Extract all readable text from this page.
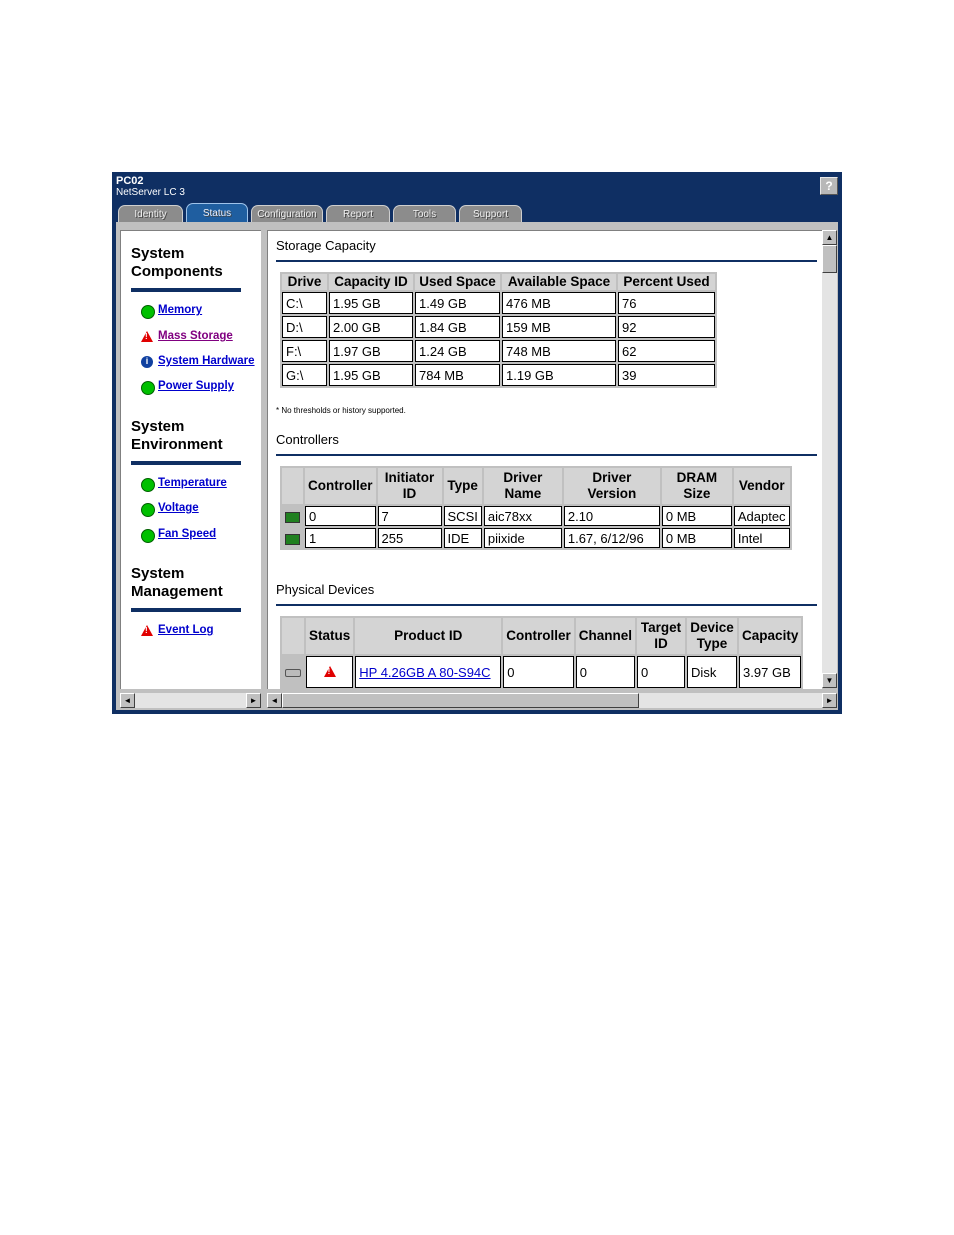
PC02
NetServer LC 3	?
Identity	Status	Configuration	Report	Tools	Support
System
Components
Memory
!
Mass Storage
i System Hardware
Power Supply
System
Environment
Temperature
Voltage
Fan Speed
System
Management
!
Event Log
◄	►
Storage Capacity
Drive	Capacity ID	Used Space	Available Space	Percent Used
C:\	1.95 GB	1.49 GB	476 MB	76
D:\	2.00 GB	1.84 GB	159 MB	92
F:\	1.97 GB	1.24 GB	748 MB	62
G:\	1.95 GB	784 MB	1.19 GB	39
* No thresholds or history supported.
Controllers
	Controller	Initiator ID	Type	Driver Name	Driver Version	DRAM Size	Vendor
	0	7	SCSI	aic78xx	2.10	0 MB	Adaptec
	1	255	IDE	piixide	1.67, 6/12/96	0 MB	Intel
Physical Devices
	Status	Product ID	Controller	Channel	Target ID	Device Type	Capacity
	!	HP 4.26GB A 80-S94C	0	0	0	Disk	3.97 GB
▲
▼
◄	►
